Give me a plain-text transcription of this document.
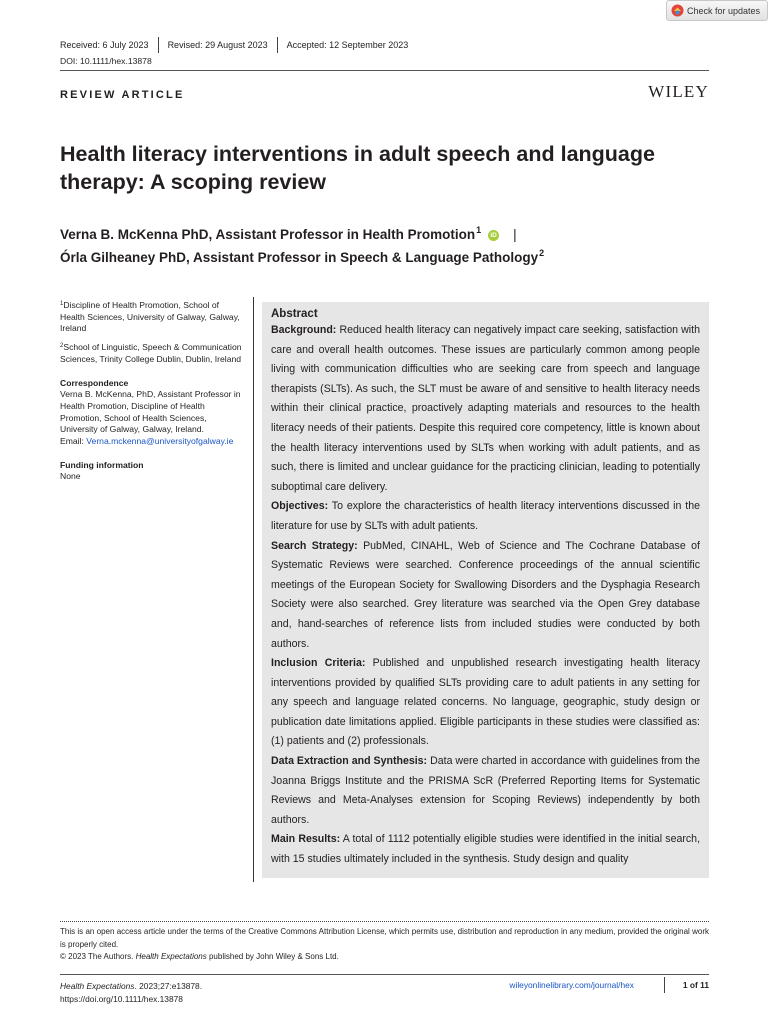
Check for updates
Received: 6 July 2023 Revised: 29 August 2023 Accepted: 12 September 2023
DOI: 10.1111/hex.13878
REVIEW ARTICLE	WILEY
Health literacy interventions in adult speech and language therapy: A scoping review
Verna B. McKenna PhD, Assistant Professor in Health Promotion$^1$
iD |
Órla Gilheaney PhD, Assistant Professor in Speech & Language Pathology$^2$

$^1$Discipline of Health Promotion, School of Health Sciences, University of Galway, Galway, Ireland

$^2$School of Linguistic, Speech & Communication Sciences, Trinity College Dublin, Dublin, Ireland

Correspondence

Verna B. McKenna, PhD, Assistant Professor in Health Promotion, Discipline of Health Promotion, School of Health Sciences, University of Galway, Galway, Ireland.
Email: Verna.mckenna@universityofgalway.ie

Funding information

None

Abstract

Background: Reduced health literacy can negatively impact care seeking, satisfaction with care and overall health outcomes. These issues are particularly common among people living with communication difficulties who are seeking care from speech and language therapists (SLTs). As such, the SLT must be aware of and sensitive to health literacy needs within their clinical practice, proactively adapting materials and resources to the health literacy needs of their patients. Despite this required core competency, little is known about the health literacy interventions used by SLTs when working with adult patients, and as such, there is limited and unclear guidance for the practicing clinician, leading to potentially suboptimal care delivery.

Objectives: To explore the characteristics of health literacy interventions discussed in the literature for use by SLTs with adult patients.

Search Strategy: PubMed, CINAHL, Web of Science and The Cochrane Database of Systematic Reviews were searched. Conference proceedings of the annual scientific meetings of the European Society for Swallowing Disorders and the Dysphagia Research Society were also searched. Grey literature was searched via the Open Grey database and, hand-searches of reference lists from included studies were conducted by both authors.

Inclusion Criteria: Published and unpublished research investigating health literacy interventions provided by qualified SLTs providing care to adult patients in any setting for any speech and language related concerns. No language, geographic, study design or publication date limitations applied. Eligible participants in these studies were classified as: (1) patients and (2) professionals.

Data Extraction and Synthesis: Data were charted in accordance with guidelines from the Joanna Briggs Institute and the PRISMA ScR (Preferred Reporting Items for Systematic Reviews and Meta-Analyses extension for Scoping Reviews) independently by both authors.

Main Results: A total of 1112 potentially eligible studies were identified in the initial search, with 15 studies ultimately included in the synthesis. Study design and quality

This is an open access article under the terms of the Creative Commons Attribution License, which permits use, distribution and reproduction in any medium, provided the original work is properly cited.

© 2023 The Authors. Health Expectations published by John Wiley & Sons Ltd.

Health Expectations. 2023;27:e13878.
https://doi.org/10.1111/hex.13878
wileyonlinelibrary.com/journal/hex	1 of 11
